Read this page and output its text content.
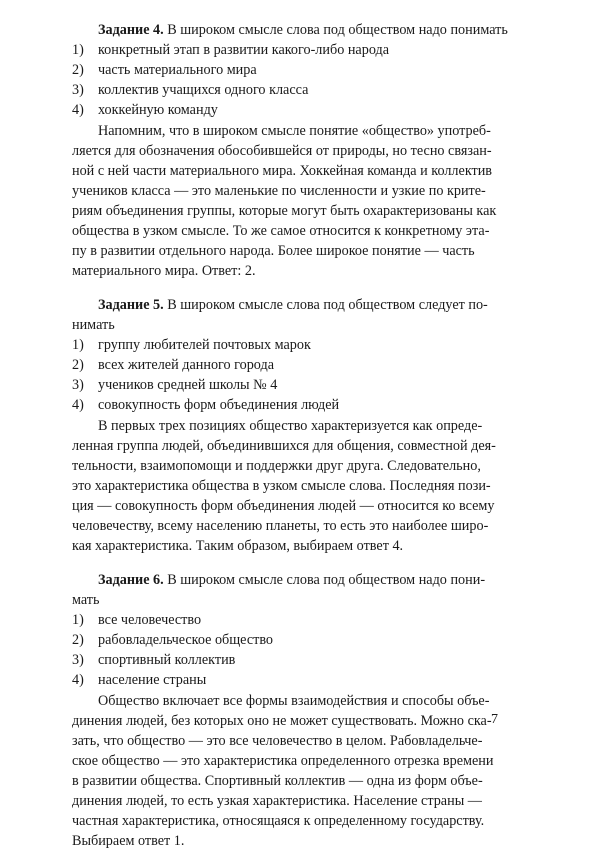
Задание 4. В широком смысле слова под обществом надо понимать

1) конкретный этап в развитии какого-либо народа
2) часть материального мира
3) коллектив учащихся одного класса
4) хоккейную команду

Напомним, что в широком смысле понятие «общество» употреб-

ляется для обозначения обособившейся от природы, но тесно связан-

ной с ней части материального мира. Хоккейная команда и коллектив

учеников класса — это маленькие по численности и узкие по крите-

риям объединения группы, которые могут быть охарактеризованы как

общества в узком смысле. То же самое относится к конкретному эта-

пу в развитии отдельного народа. Более широкое понятие — часть

материального мира. Ответ: 2.

Задание 5. В широком смысле слова под обществом следует по-

нимать

1) группу любителей почтовых марок
2) всех жителей данного города
3) учеников средней школы № 4
4) совокупность форм объединения людей

В первых трех позициях общество характеризуется как опреде-

ленная группа людей, объединившихся для общения, совместной дея-

тельности, взаимопомощи и поддержки друг друга. Следовательно,

это характеристика общества в узком смысле слова. Последняя пози-

ция — совокупность форм объединения людей — относится ко всему

человечеству, всему населению планеты, то есть это наиболее широ-

кая характеристика. Таким образом, выбираем ответ 4.

Задание 6. В широком смысле слова под обществом надо пони-

мать

1) все человечество
2) рабовладельческое общество
3) спортивный коллектив
4) население страны

Общество включает все формы взаимодействия и способы объе-

динения людей, без которых оно не может существовать. Можно ска-

зать, что общество — это все человечество в целом. Рабовладельче-

ское общество — это характеристика определенного отрезка времени

в развитии общества. Спортивный коллектив — одна из форм объе-

динения людей, то есть узкая характеристика. Население страны —

частная характеристика, относящаяся к определенному государству.

Выбираем ответ 1.

7
